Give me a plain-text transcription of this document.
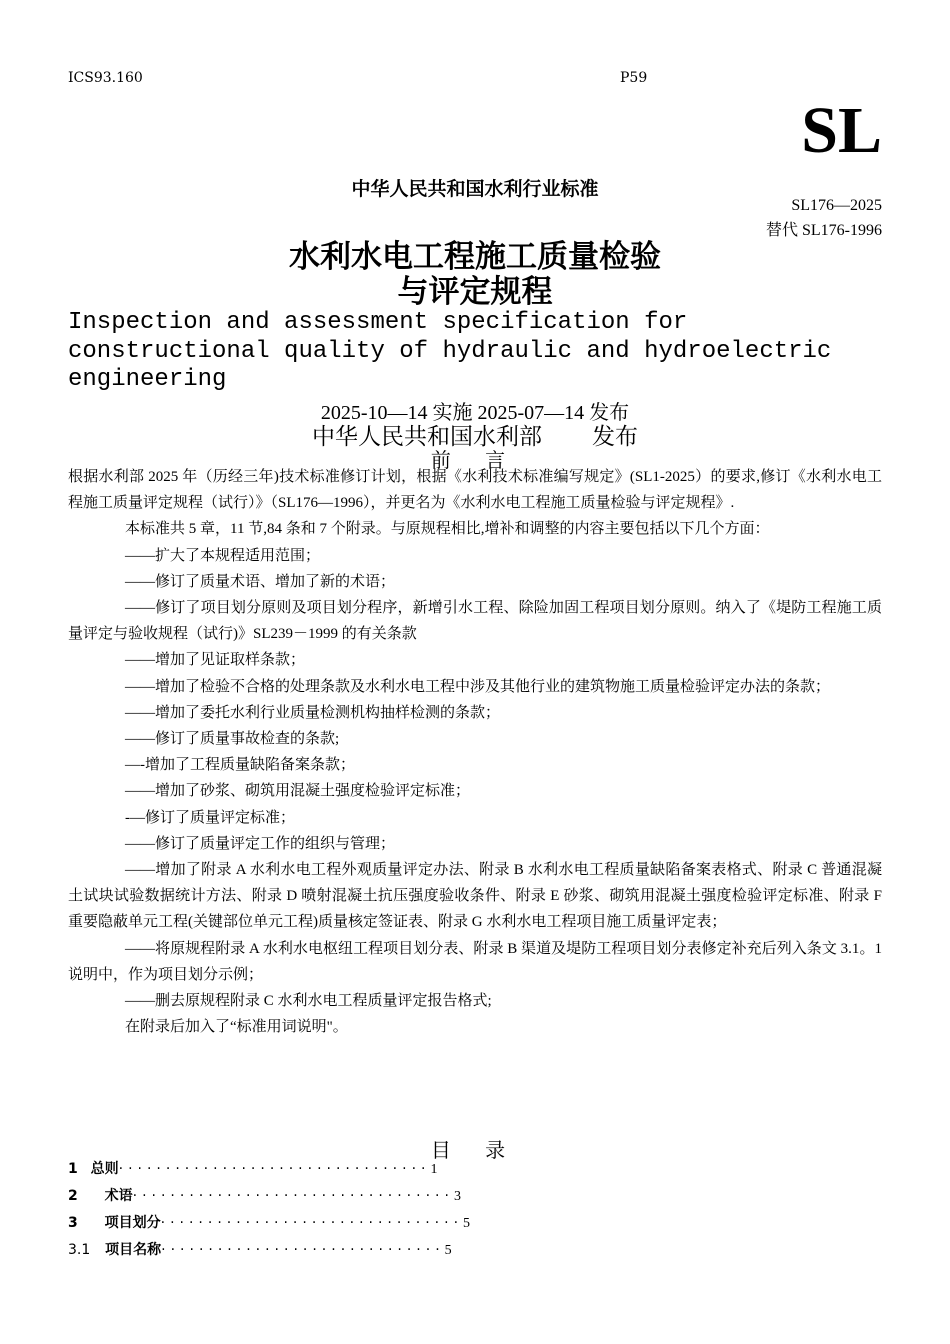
ICS93.160	P59
SL
中华人民共和国水利行业标准
SL176—2025
替代 SL176-1996
水利水电工程施工质量检验
与评定规程
Inspection and assessment specification for
constructional quality of hydraulic and hydroelectric
engineering
2025-10—14 实施 2025-07—14 发布
中华人民共和国水利部 发布
前 言

根据水利部 2025 年（历经三年)技术标准修订计划，根据《水利技术标准编写规定》(SL1-2025）的要求,修订《水利水电工程施工质量评定规程（试行）》（SL176—1996），并更名为《水利水电工程施工质量检验与评定规程》.

本标准共 5 章，11 节,84 条和 7 个附录。与原规程相比,增补和调整的内容主要包括以下几个方面：

——扩大了本规程适用范围；

——修订了质量术语、增加了新的术语；

——修订了项目划分原则及项目划分程序，新增引水工程、除险加固工程项目划分原则。纳入了《堤防工程施工质量评定与验收规程（试行)》SL239－1999 的有关条款

——增加了见证取样条款；

——增加了检验不合格的处理条款及水利水电工程中涉及其他行业的建筑物施工质量检验评定办法的条款；

——增加了委托水利行业质量检测机构抽样检测的条款；

——修订了质量事故检查的条款;

—-增加了工程质量缺陷备案条款；

——增加了砂浆、砌筑用混凝土强度检验评定标准；

-—修订了质量评定标准；

——修订了质量评定工作的组织与管理；

——增加了附录 A 水利水电工程外观质量评定办法、附录 B 水利水电工程质量缺陷备案表格式、附录 C 普通混凝土试块试验数据统计方法、附录 D 喷射混凝土抗压强度验收条件、附录 E 砂浆、砌筑用混凝土强度检验评定标准、附录 F 重要隐蔽单元工程(关键部位单元工程)质量核定签证表、附录 G 水利水电工程项目施工质量评定表；

——将原规程附录 A 水利水电枢纽工程项目划分表、附录 B 渠道及堤防工程项目划分表修定补充后列入条文 3.1。1 说明中，作为项目划分示例；

——删去原规程附录 C 水利水电工程质量评定报告格式;

在附录后加入了“标准用词说明"。

目 录
1 总则·································1
2 术语··································3
3 项目划分································5
3.1 项目名称······························5
